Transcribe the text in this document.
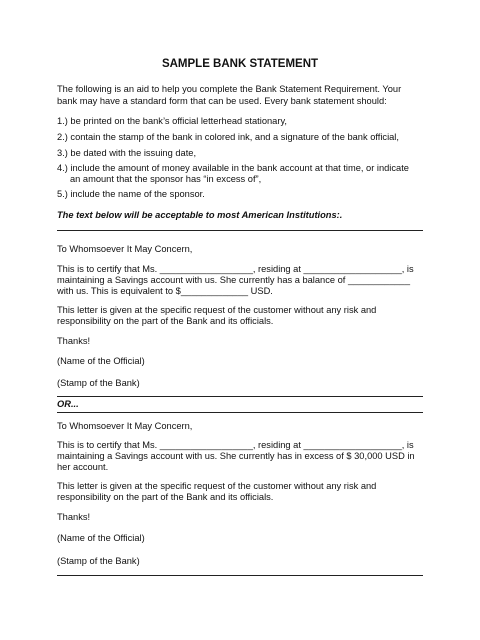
SAMPLE BANK STATEMENT

The following is an aid to help you complete the Bank Statement Requirement. Your

bank may have a standard form that can be used. Every bank statement should:

1.) be printed on the bank’s official letterhead stationary,

2.) contain the stamp of the bank in colored ink, and a signature of the bank official,

3.) be dated with the issuing date,

4.) include the amount of money available in the bank account at that time, or indicate

an amount that the sponsor has “in excess of”,

5.) include the name of the sponsor.

The text below will be acceptable to most American Institutions:.

To Whomsoever It May Concern,

This is to certify that Ms. __________________, residing at ___________________, is

maintaining a Savings account with us. She currently has a balance of ____________

with us. This is equivalent to $_____________ USD.

This letter is given at the specific request of the customer without any risk and

responsibility on the part of the Bank and its officials.

Thanks!

(Name of the Official)

(Stamp of the Bank)

OR...

To Whomsoever It May Concern,

This is to certify that Ms. __________________, residing at ___________________, is

maintaining a Savings account with us. She currently has in excess of $ 30,000 USD in

her account.

This letter is given at the specific request of the customer without any risk and

responsibility on the part of the Bank and its officials.

Thanks!

(Name of the Official)

(Stamp of the Bank)
